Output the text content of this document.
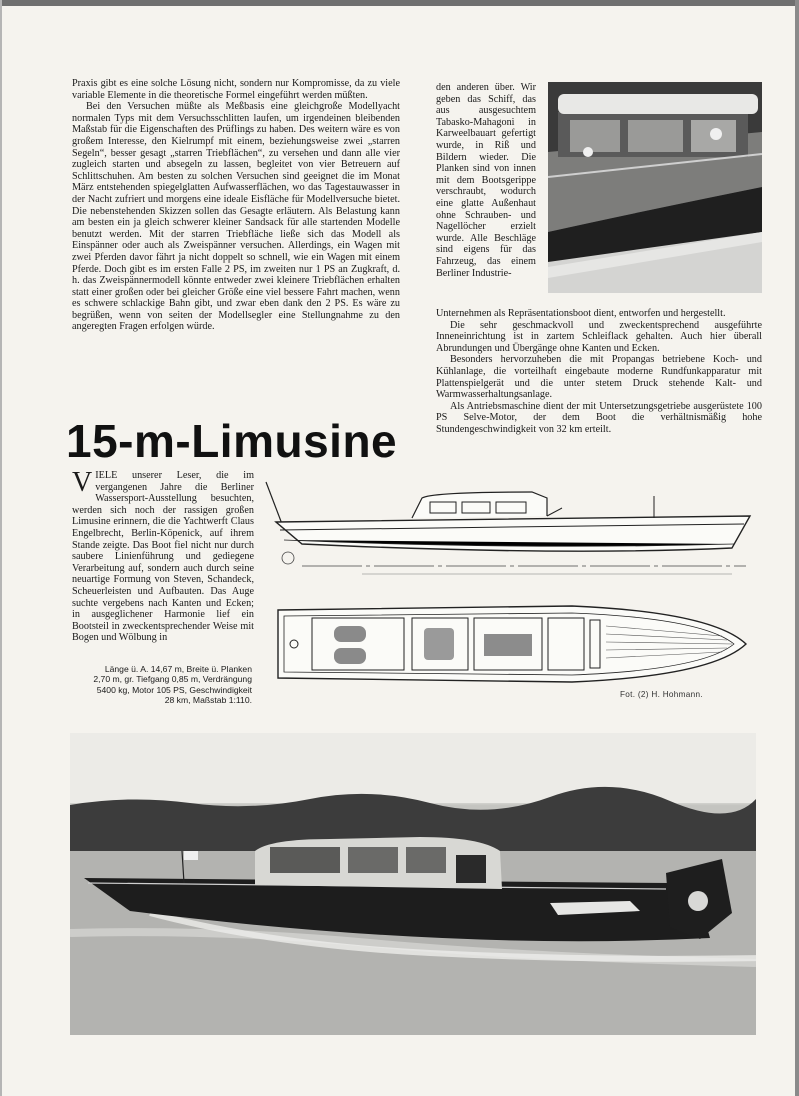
Praxis gibt es eine solche Lösung nicht, sondern nur Kompromisse, da zu viele variable Elemente in die theoretische Formel eingeführt werden müßten.

Bei den Versuchen müßte als Meßbasis eine gleichgroße Modellyacht normalen Typs mit dem Versuchsschlitten laufen, um irgendeinen bleibenden Maßstab für die Eigenschaften des Prüflings zu haben. Des weitern wäre es von großem Interesse, den Kielrumpf mit einem, beziehungsweise zwei „starren Segeln“, besser gesagt „starren Triebflächen“, zu versehen und dann alle vier zugleich starten und absegeln zu lassen, begleitet von vier Betreuern auf Schlittschuhen. Am besten zu solchen Versuchen sind geeignet die im Monat März entstehenden spiegelglatten Aufwasserflächen, wo das Tagestauwasser in der Nacht zufriert und morgens eine ideale Eisfläche für Modellversuche bietet. Die nebenstehenden Skizzen sollen das Gesagte erläutern. Als Belastung kann am besten ein ja gleich schwerer kleiner Sandsack für alle startenden Modelle benutzt werden. Mit der starren Triebfläche ließe sich das Modell als Einspänner oder auch als Zweispänner versuchen. Allerdings, ein Wagen mit zwei Pferden davor fährt ja nicht doppelt so schnell, wie ein Wagen mit einem Pferde. Doch gibt es im ersten Falle 2 PS, im zweiten nur 1 PS an Zugkraft, d. h. das Zweispännermodell könnte entweder zwei kleinere Triebflächen erhalten statt einer großen oder bei gleicher Größe eine viel bessere Fahrt machen, wenn es schwere schlackige Bahn gibt, und zwar eben dank den 2 PS. Es wäre zu begrüßen, wenn von seiten der Modellsegler eine Stellungnahme zu den angeregten Fragen erfolgen würde.

den anderen über. Wir geben das Schiff, das aus ausgesuchtem Tabasko-Mahagoni in Karweelbauart gefertigt wurde, in Riß und Bildern wieder. Die Planken sind von innen mit dem Bootsgerippe verschraubt, wodurch eine glatte Außenhaut ohne Schrauben- und Nagellöcher erzielt wurde. Alle Beschläge sind eigens für das Fahrzeug, das einem Berliner Industrie-

Unternehmen als Repräsentationsboot dient, entworfen und hergestellt.

Die sehr geschmackvoll und zweckentsprechend ausgeführte Inneneinrichtung ist in zartem Schleiflack gehalten. Auch hier überall Abrundungen und Übergänge ohne Kanten und Ecken.

Besonders hervorzuheben die mit Propangas betriebene Koch- und Kühlanlage, die vorteilhaft eingebaute moderne Rundfunkapparatur mit Plattenspielgerät und die unter stetem Druck stehende Kalt- und Warmwasserhaltungsanlage.

Als Antriebsmaschine dient der mit Untersetzungsgetriebe ausgerüstete 100 PS Selve-Motor, der dem Boot die verhältnismäßig hohe Stundengeschwindigkeit von 32 km erteilt.

15-m-Limusine
VIELE unserer Leser, die im vergangenen Jahre die Berliner Wassersport-Ausstellung besuchten, werden sich noch der rassigen großen Limusine erinnern, die die Yachtwerft Claus Engelbrecht, Berlin-Köpenick, auf ihrem Stande zeigte. Das Boot fiel nicht nur durch saubere Linienführung und gediegene Verarbeitung auf, sondern auch durch seine neuartige Formung von Steven, Schandeck, Scheuerleisten und Aufbauten. Das Auge suchte vergebens nach Kanten und Ecken; in ausgeglichener Harmonie lief ein Bootsteil in zweckentsprechender Weise mit Bogen und Wölbung in

Länge ü. A. 14,67 m, Breite ü. Planken
2,70 m, gr. Tiefgang 0,85 m, Verdrängung
5400 kg, Motor 105 PS, Geschwindigkeit
28 km, Maßstab 1:110.
Fot. (2) H. Hohmann.
